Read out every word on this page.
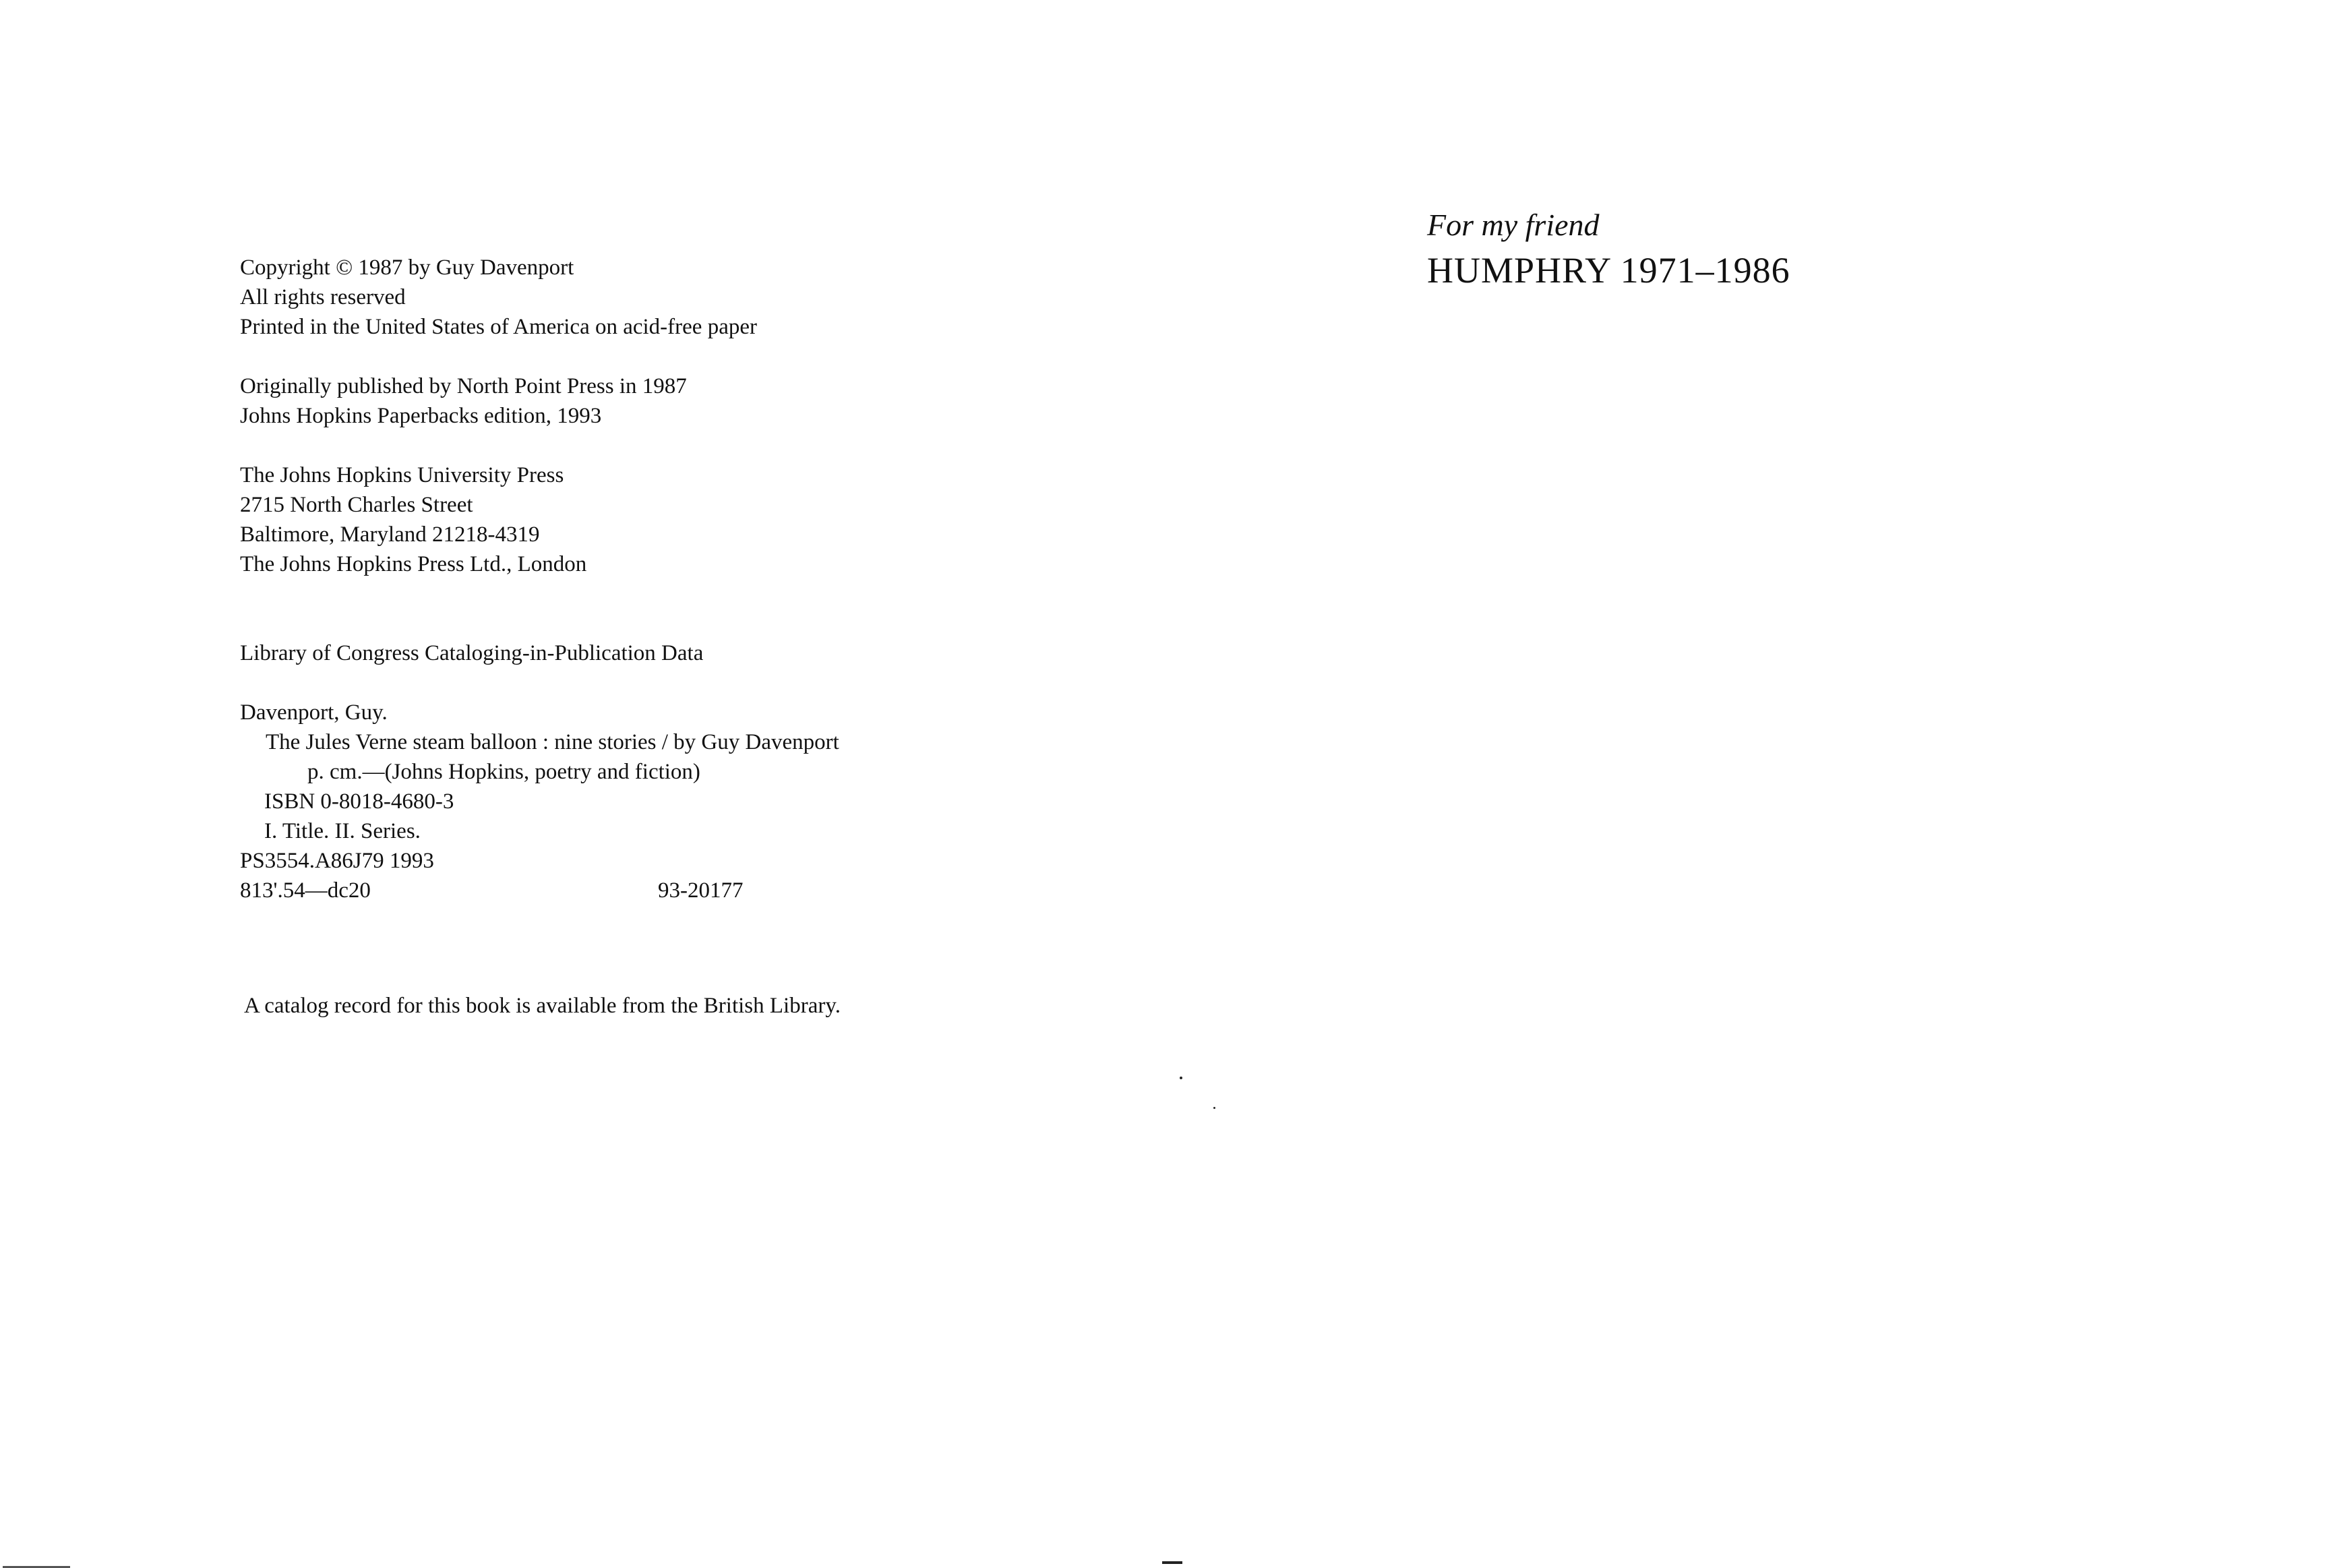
Copyright © 1987 by Guy Davenport
All rights reserved
Printed in the United States of America on acid-free paper
Originally published by North Point Press in 1987
Johns Hopkins Paperbacks edition, 1993
The Johns Hopkins University Press
2715 North Charles Street
Baltimore, Maryland 21218-4319
The Johns Hopkins Press Ltd., London
Library of Congress Cataloging-in-Publication Data
Davenport, Guy.
The Jules Verne steam balloon : nine stories / by Guy Davenport
p. cm.—(Johns Hopkins, poetry and fiction)
ISBN 0-8018-4680-3
I. Title. II. Series.
PS3554.A86J79 1993
813'.54—dc20	93-20177
A catalog record for this book is available from the British Library.
For my friend
HUMPHRY 1971–1986
